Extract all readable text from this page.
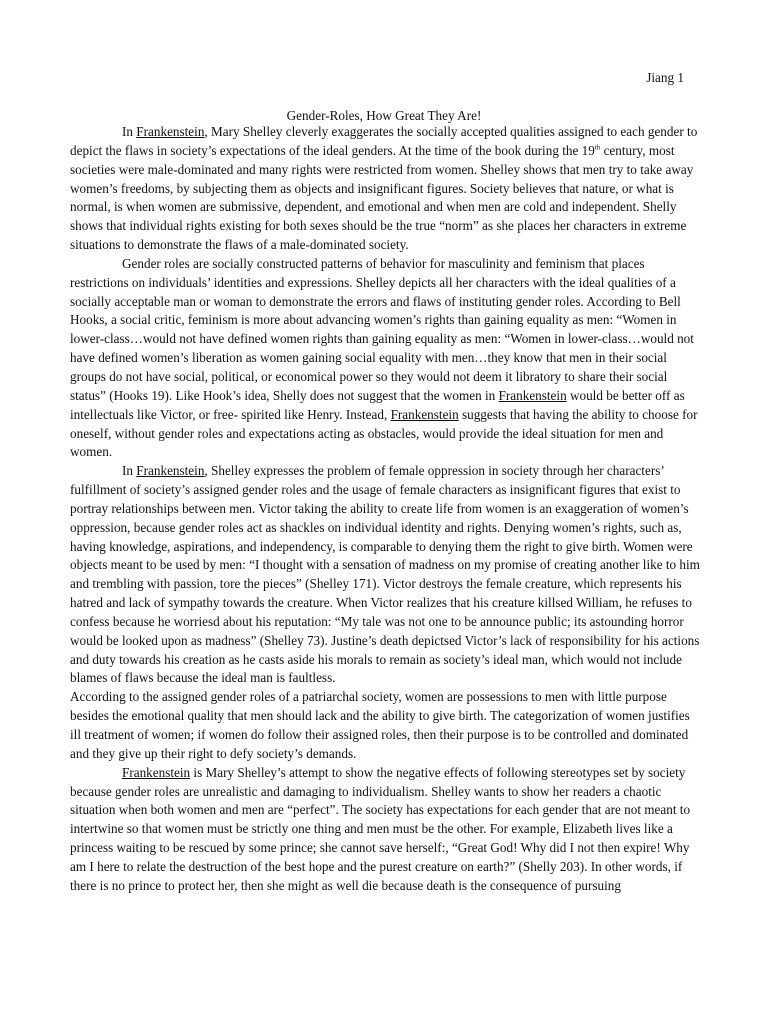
Jiang 1
Gender-Roles, How Great They Are!

In Frankenstein, Mary Shelley cleverly exaggerates the socially accepted qualities assigned to each gender to depict the flaws in society’s expectations of the ideal genders. At the time of the book during the 19th century, most societies were male-dominated and many rights were restricted from women. Shelley shows that men try to take away women’s freedoms, by subjecting them as objects and insignificant figures. Society believes that nature, or what is normal, is when women are submissive, dependent, and emotional and when men are cold and independent. Shelly shows that individual rights existing for both sexes should be the true “norm” as she places her characters in extreme situations to demonstrate the flaws of a male-dominated society.

Gender roles are socially constructed patterns of behavior for masculinity and feminism that places restrictions on individuals’ identities and expressions. Shelley depicts all her characters with the ideal qualities of a socially acceptable man or woman to demonstrate the errors and flaws of instituting gender roles. According to Bell Hooks, a social critic, feminism is more about advancing women’s rights than gaining equality as men: “Women in lower-class…would not have defined women rights than gaining equality as men: “Women in lower-class…would not have defined women’s liberation as women gaining social equality with men…they know that men in their social groups do not have social, political, or economical power so they would not deem it libratory to share their social status” (Hooks 19). Like Hook’s idea, Shelly does not suggest that the women in Frankenstein would be better off as intellectuals like Victor, or free- spirited like Henry. Instead, Frankenstein suggests that having the ability to choose for oneself, without gender roles and expectations acting as obstacles, would provide the ideal situation for men and women.

In Frankenstein, Shelley expresses the problem of female oppression in society through her characters’ fulfillment of society’s assigned gender roles and the usage of female characters as insignificant figures that exist to portray relationships between men. Victor taking the ability to create life from women is an exaggeration of women’s oppression, because gender roles act as shackles on individual identity and rights. Denying women’s rights, such as, having knowledge, aspirations, and independency, is comparable to denying them the right to give birth. Women were objects meant to be used by men: “I thought with a sensation of madness on my promise of creating another like to him and trembling with passion, tore the pieces” (Shelley 171). Victor destroys the female creature, which represents his hatred and lack of sympathy towards the creature. When Victor realizes that his creature killsed William, he refuses to confess because he worriesd about his reputation: “My tale was not one to be announce public; its astounding horror would be looked upon as madness” (Shelley 73). Justine’s death depictsed Victor’s lack of responsibility for his actions and duty towards his creation as he casts aside his morals to remain as society’s ideal man, which would not include blames of flaws because the ideal man is faultless.

According to the assigned gender roles of a patriarchal society, women are possessions to men with little purpose besides the emotional quality that men should lack and the ability to give birth. The categorization of women justifies ill treatment of women; if women do follow their assigned roles, then their purpose is to be controlled and dominated and they give up their right to defy society’s demands.

Frankenstein is Mary Shelley’s attempt to show the negative effects of following stereotypes set by society because gender roles are unrealistic and damaging to individualism. Shelley wants to show her readers a chaotic situation when both women and men are “perfect”. The society has expectations for each gender that are not meant to intertwine so that women must be strictly one thing and men must be the other. For example, Elizabeth lives like a princess waiting to be rescued by some prince; she cannot save herself:, “Great God! Why did I not then expire! Why am I here to relate the destruction of the best hope and the purest creature on earth?” (Shelly 203). In other words, if there is no prince to protect her, then she might as well die because death is the consequence of pursuing
